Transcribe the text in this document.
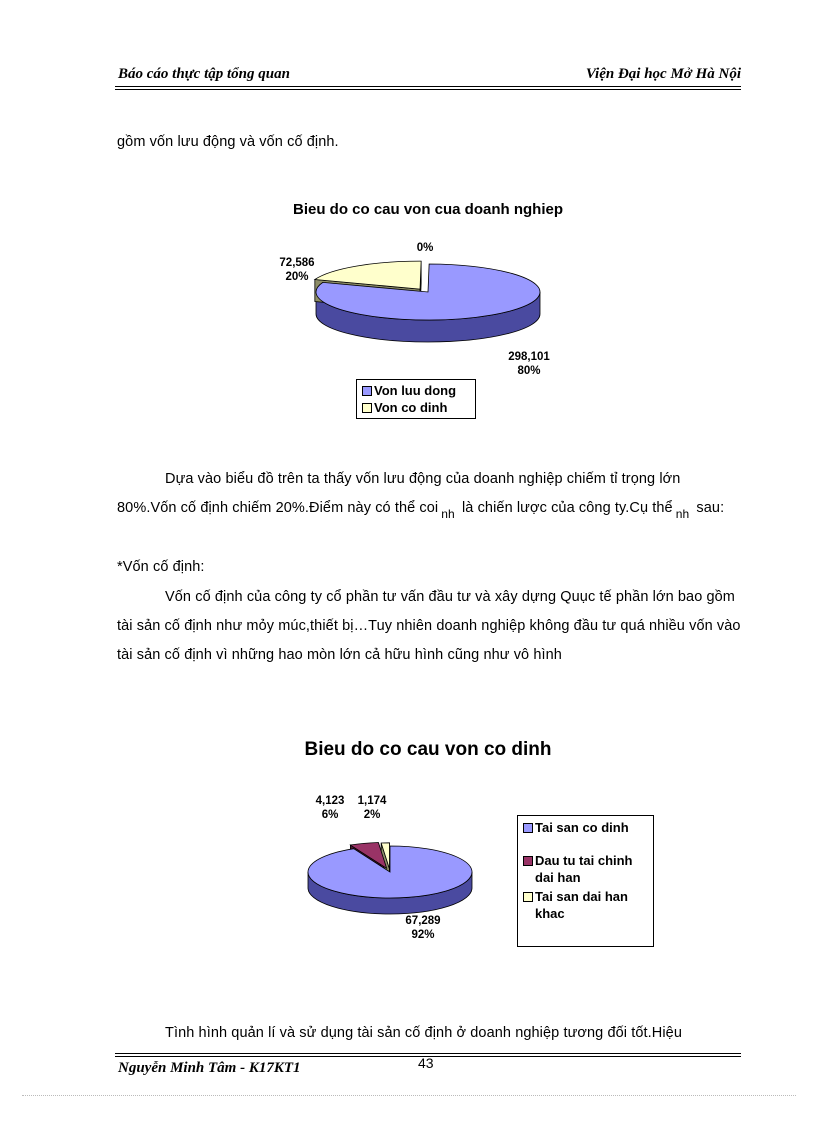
Báo cáo thực tập tổng quan	Viện Đại học Mở Hà Nội
gồm vốn lưu động và vốn cố định.
Bieu do co cau von cua doanh nghiep
72,586
20%
0%
298,101
80%
Von luu dong
Von co dinh
Dựa vào biểu đồ trên ta thấy vốn lưu động của doanh nghiệp chiếm tỉ trọng lớn 80%.Vốn cố định chiếm 20%.Điểm này có thể coi $_{nh}$ là chiến lược của công ty.Cụ thể $_{nh}$ sau:
*Vốn cố định:
Vốn cố định của công ty cổ phần tư vấn đầu tư và xây dựng Quục tế phần lớn bao gồm tài sản cố định như mỏy múc,thiết bị…Tuy nhiên doanh nghiệp không đầu tư quá nhiều vốn vào tài sản cố định vì những hao mòn lớn cả hữu hình cũng như vô hình
Bieu do co cau von co dinh
4,123
6%
1,174
2%
67,289
92%
Tai san co dinh
Dau tu tai chinh dai han
Tai san dai han khac
Tình hình quản lí và sử dụng tài sản cố định ở doanh nghiệp tương đối tốt.Hiệu
Nguyễn Minh Tâm - K17KT1	43
